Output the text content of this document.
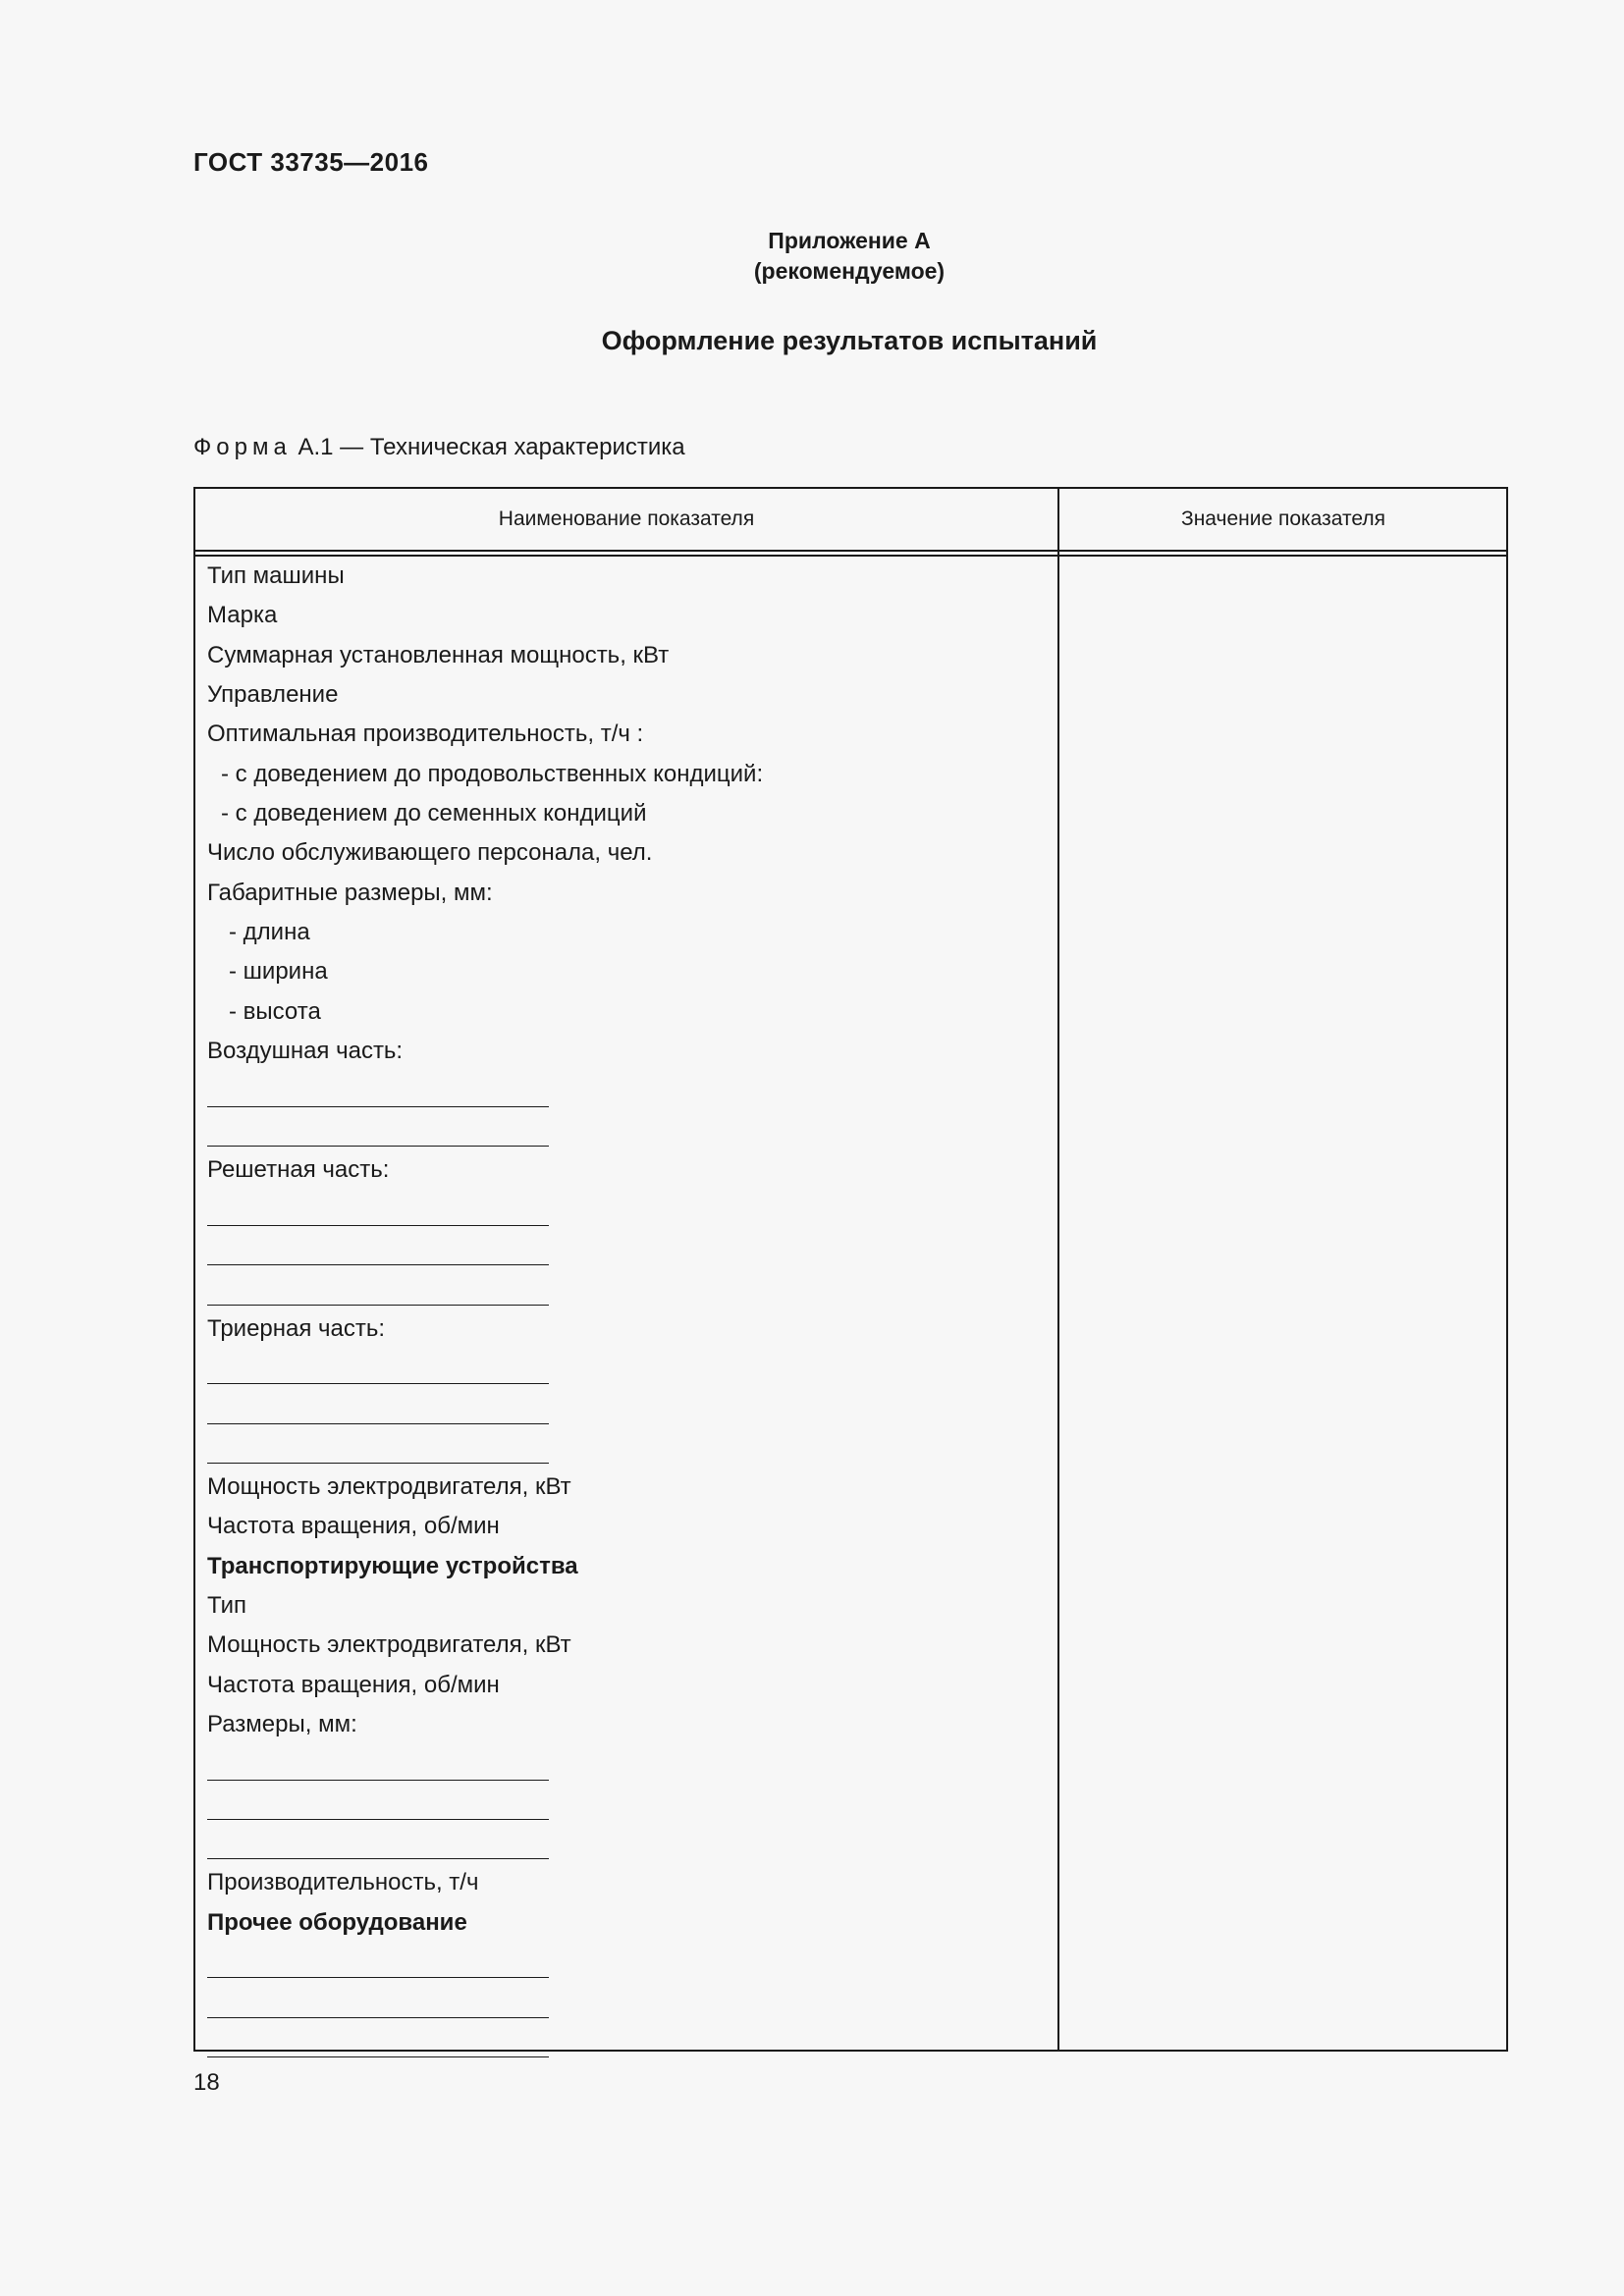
ГОСТ 33735—2016
Приложение А
(рекомендуемое)
Оформление результатов испытаний
Форма А.1 — Техническая характеристика
Наименование показателя	Значение показателя
Тип машины
Марка
Суммарная установленная мощность, кВт
Управление
Оптимальная производительность, т/ч :
- с доведением до продовольственных кондиций:
- с доведением до семенных кондиций
Число обслуживающего персонала, чел.
Габаритные размеры, мм:
- длина
- ширина
- высота
Воздушная часть:
Решетная часть:
Триерная часть:
Мощность электродвигателя, кВт
Частота вращения, об/мин
Транспортирующие устройства
Тип
Мощность электродвигателя, кВт
Частота вращения, об/мин
Размеры, мм:
Производительность, т/ч
Прочее оборудование
18
